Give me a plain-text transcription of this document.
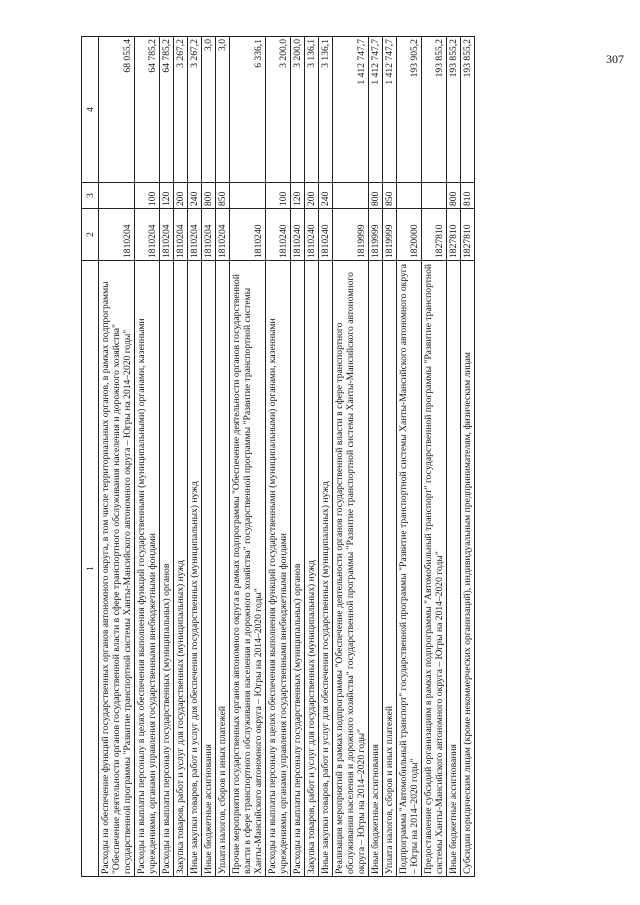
307
1	2	3	4
Расходы на обеспечение функций государственных органов автономного округа, в том числе территориальных органов, в рамках подпрограммы "Обеспечение деятельности органов государственной власти в сфере транспортного обслуживания населения и дорожного хозяйства" государственной программы "Развитие транспортной системы Ханты-Мансийского автономного округа – Югры на 2014–2020 годы"	1810204		68 055,4
Расходы на выплаты персоналу в целях обеспечения выполнения функций государственными (муниципальными) органами, казенными учреждениями, органами управления государственными внебюджетными фондами	1810204	100	64 785,2
Расходы на выплаты персоналу государственных (муниципальных) органов	1810204	120	64 785,2
Закупка товаров, работ и услуг для государственных (муниципальных) нужд	1810204	200	3 267,2
Иные закупки товаров, работ и услуг для обеспечения государственных (муниципальных) нужд	1810204	240	3 267,2
Иные бюджетные ассигнования	1810204	800	3,0
Уплата налогов, сборов и иных платежей	1810204	850	3,0
Прочие мероприятия государственных органов автономного округа в рамках подпрограммы "Обеспечение деятельности органов государственной власти в сфере транспортного обслуживания населения и дорожного хозяйства" государственной программы "Развитие транспортной системы Ханты-Мансийского автономного округа – Югры на 2014–2020 годы"	1810240		6 336,1
Расходы на выплаты персоналу в целях обеспечения выполнения функций государственными (муниципальными) органами, казенными учреждениями, органами управления государственными внебюджетными фондами	1810240	100	3 200,0
Расходы на выплаты персоналу государственных (муниципальных) органов	1810240	120	3 200,0
Закупка товаров, работ и услуг для государственных (муниципальных) нужд	1810240	200	3 136,1
Иные закупки товаров, работ и услуг для обеспечения государственных (муниципальных) нужд	1810240	240	3 136,1
Реализация мероприятий в рамках подпрограммы "Обеспечение деятельности органов государственной власти в сфере транспортного обслуживания населения и дорожного хозяйства" государственной программы "Развитие транспортной системы Ханты-Мансийского автономного округа – Югры на 2014–2020 годы"	1819999		1 412 747,7
Иные бюджетные ассигнования	1819999	800	1 412 747,7
Уплата налогов, сборов и иных платежей	1819999	850	1 412 747,7
Подпрограмма "Автомобильный транспорт" государственной программы "Развитие транспортной системы Ханты-Мансийского автономного округа – Югры на 2014–2020 годы"	1820000		193 905,2
Предоставление субсидий организациям в рамках подпрограммы "Автомобильный транспорт" государственной программы "Развитие транспортной системы Ханты-Мансийского автономного округа – Югры на 2014–2020 годы"	1827810		193 855,2
Иные бюджетные ассигнования	1827810	800	193 855,2
Субсидии юридическим лицам (кроме некоммерческих организаций), индивидуальным предпринимателям, физическим лицам	1827810	810	193 855,2
